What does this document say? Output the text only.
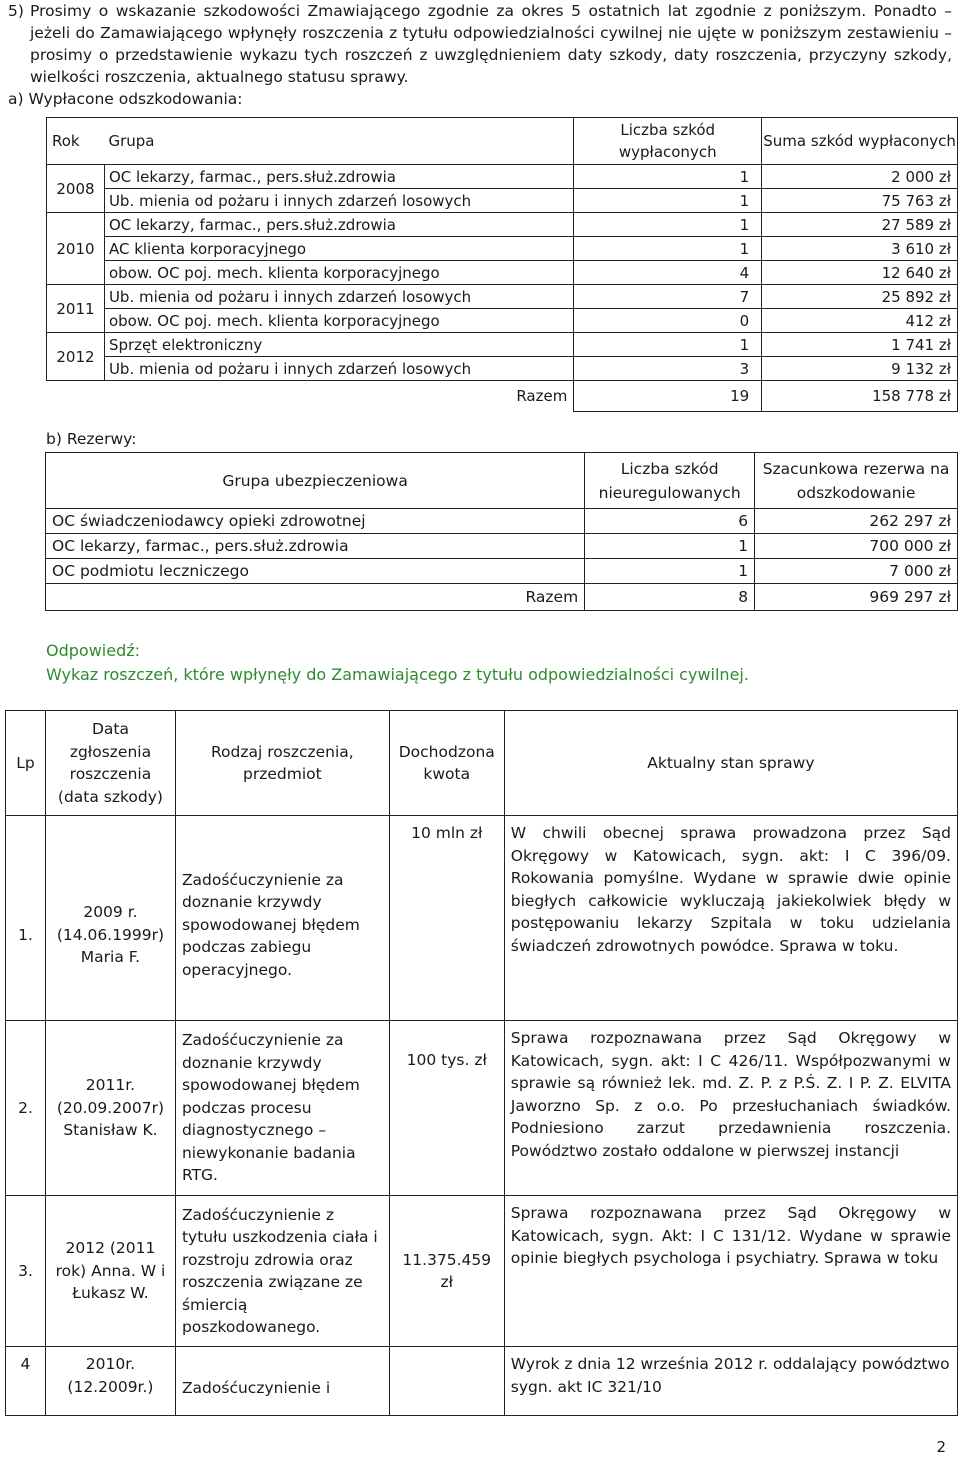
5) Prosimy o wskazanie szkodowości Zmawiającego zgodnie za okres 5 ostatnich lat zgodnie z poniższym. Ponadto – jeżeli do Zamawiającego wpłynęły roszczenia z tytułu odpowiedzialności cywilnej nie ujęte w poniższym zestawieniu – prosimy o przedstawienie wykazu tych roszczeń z uwzględnieniem daty szkody, daty roszczenia, przyczyny szkody, wielkości roszczenia, aktualnego statusu sprawy.

a) Wypłacone odszkodowania:
Rok	Grupa	Liczba szkód wypłaconych	Suma szkód wypłaconych
2008	OC lekarzy, farmac., pers.służ.zdrowia	1	2 000 zł
	Ub. mienia od pożaru i innych zdarzeń losowych	1	75 763 zł
2010	OC lekarzy, farmac., pers.służ.zdrowia	1	27 589 zł
	AC klienta korporacyjnego	1	3 610 zł
	obow. OC poj. mech. klienta korporacyjnego	4	12 640 zł
2011	Ub. mienia od pożaru i innych zdarzeń losowych	7	25 892 zł
	obow. OC poj. mech. klienta korporacyjnego	0	412 zł
2012	Sprzęt elektroniczny	1	1 741 zł
	Ub. mienia od pożaru i innych zdarzeń losowych	3	9 132 zł
Razem		19	158 778 zł
b) Rezerwy:
Grupa ubezpieczeniowa	Liczba szkód nieuregulowanych	Szacunkowa rezerwa na odszkodowanie
OC świadczeniodawcy opieki zdrowotnej	6	262 297 zł
OC lekarzy, farmac., pers.służ.zdrowia	1	700 000 zł
OC podmiotu leczniczego	1	7 000 zł
Razem	8	969 297 zł
Odpowiedź:
Wykaz roszczeń, które wpłynęły do Zamawiającego z tytułu odpowiedzialności cywilnej.
Lp	Data zgłoszenia roszczenia (data szkody)	Rodzaj roszczenia, przedmiot	Dochodzona kwota	Aktualny stan sprawy
1.	2009 r. (14.06.1999r) Maria F.	Zadośćuczynienie za doznanie krzywdy spowodowanej błędem podczas zabiegu operacyjnego.	10 mln zł	W chwili obecnej sprawa prowadzona przez Sąd Okręgowy w Katowicach, sygn. akt: I C 396/09. Rokowania pomyślne. Wydane w sprawie dwie opinie biegłych całkowicie wykluczają jakiekolwiek błędy w postępowaniu lekarzy Szpitala w toku udzielania świadczeń zdrowotnych powódce. Sprawa w toku.
2.	2011r. (20.09.2007r) Stanisław K.	Zadośćuczynienie za doznanie krzywdy spowodowanej błędem podczas procesu diagnostycznego – niewykonanie badania RTG.	100 tys. zł	Sprawa rozpoznawana przez Sąd Okręgowy w Katowicach, sygn. akt: I C 426/11. Współpozwanymi w sprawie są również lek. md. Z. P. z P.Ś. Z. I P. Z. ELVITA Jaworzno Sp. z o.o. Po przesłuchaniach świadków. Podniesiono zarzut przedawnienia roszczenia. Powództwo zostało oddalone w pierwszej instancji
3.	2012 (2011 rok) Anna. W i Łukasz W.	Zadośćuczynienie z tytułu uszkodzenia ciała i rozstroju zdrowia oraz roszczenia związane ze śmiercią poszkodowanego.	11.375.459 zł	Sprawa rozpoznawana przez Sąd Okręgowy w Katowicach, sygn. Akt: I C 131/12. Wydane w sprawie opinie biegłych psychologa i psychiatry. Sprawa w toku
4	2010r. (12.2009r.)	Zadośćuczynienie i		Wyrok z dnia 12 września 2012 r. oddalający powództwo sygn. akt IC 321/10
2
